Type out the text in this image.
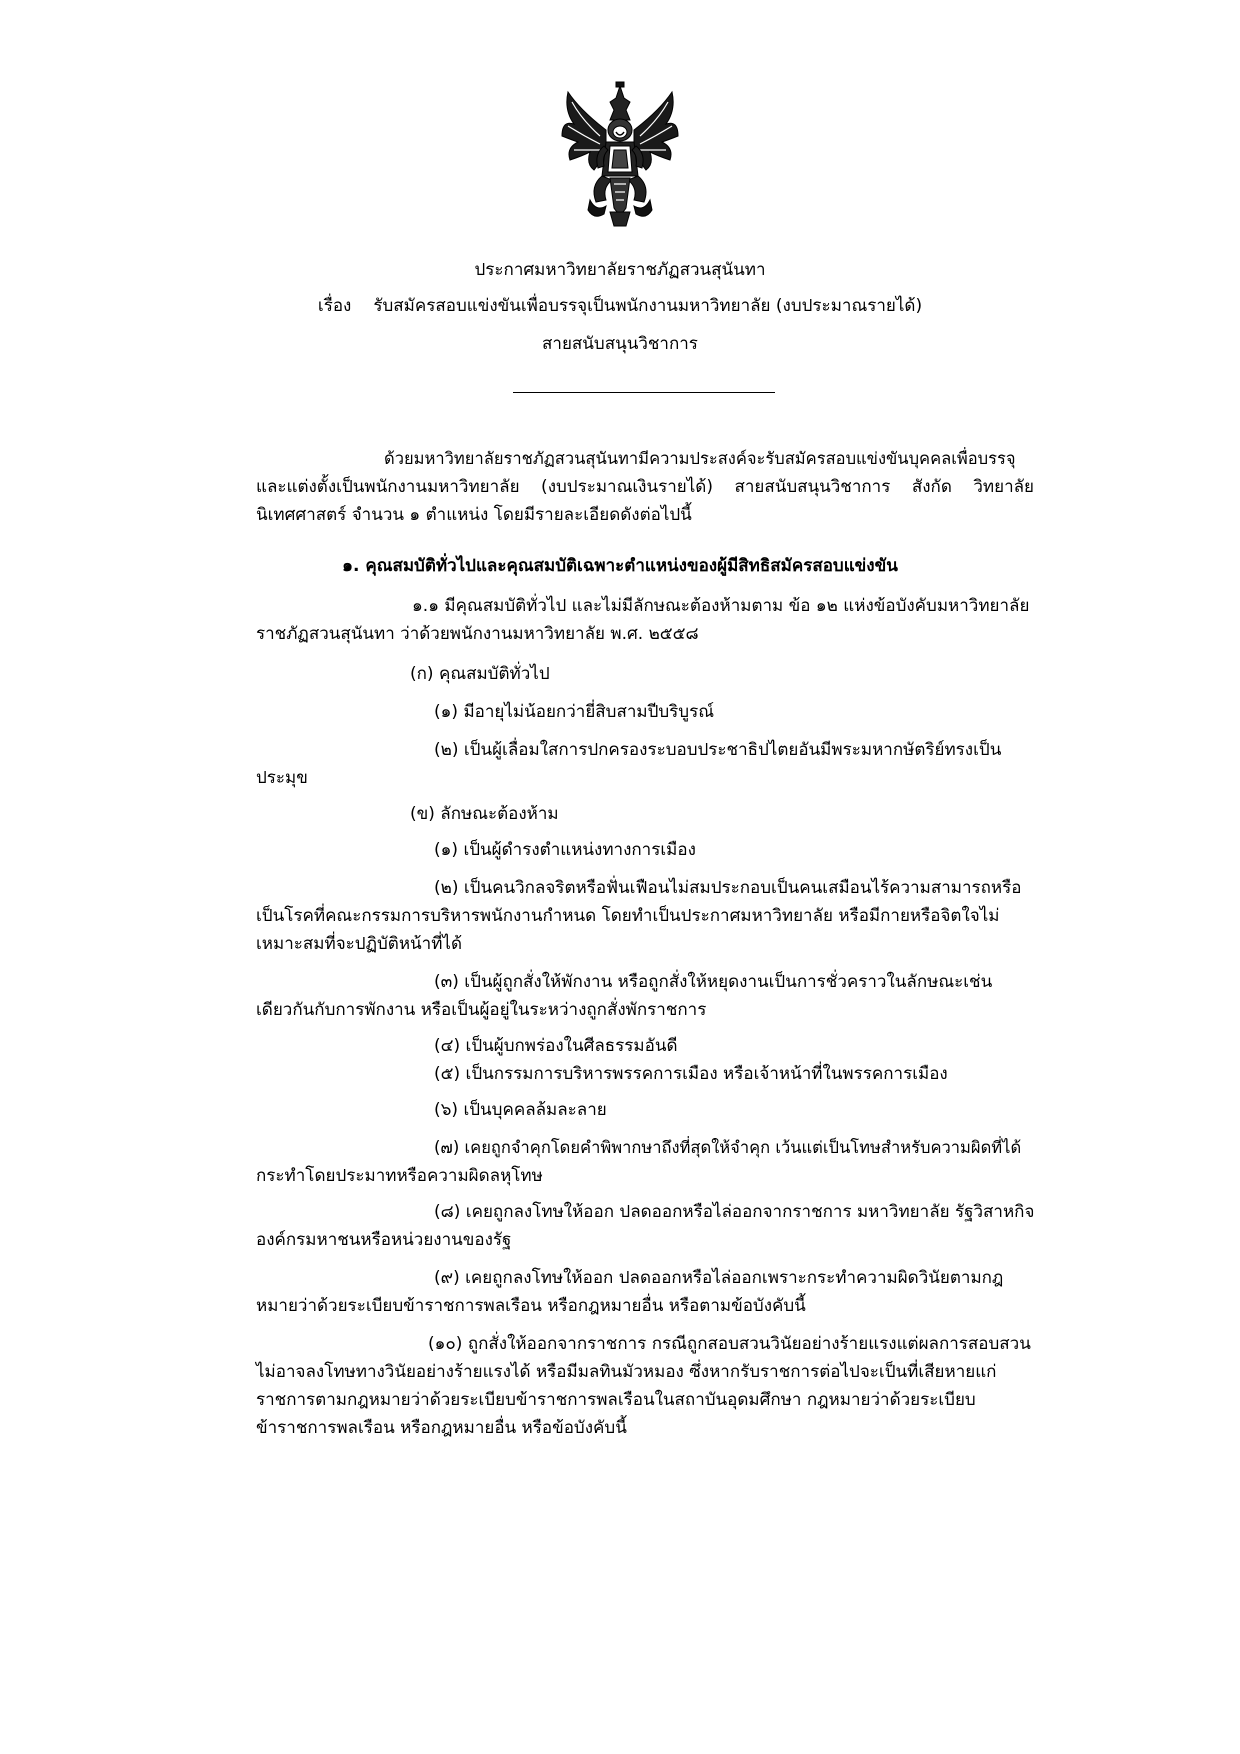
ประกาศมหาวิทยาลัยราชภัฏสวนสุนันทา
เรื่อง รับสมัครสอบแข่งขันเพื่อบรรจุเป็นพนักงานมหาวิทยาลัย (งบประมาณรายได้)
สายสนับสนุนวิชาการ
ด้วยมหาวิทยาลัยราชภัฏสวนสุนันทามีความประสงค์จะรับสมัครสอบแข่งขันบุคคลเพื่อบรรจุ
และแต่งตั้งเป็นพนักงานมหาวิทยาลัย (งบประมาณเงินรายได้) สายสนับสนุนวิชาการ สังกัด วิทยาลัย
นิเทศศาสตร์ จำนวน ๑ ตำแหน่ง โดยมีรายละเอียดดังต่อไปนี้
๑. คุณสมบัติทั่วไปและคุณสมบัติเฉพาะตำแหน่งของผู้มีสิทธิสมัครสอบแข่งขัน
๑.๑ มีคุณสมบัติทั่วไป และไม่มีลักษณะต้องห้ามตาม ข้อ ๑๒ แห่งข้อบังคับมหาวิทยาลัย
ราชภัฏสวนสุนันทา ว่าด้วยพนักงานมหาวิทยาลัย พ.ศ. ๒๕๕๘
(ก) คุณสมบัติทั่วไป
(๑) มีอายุไม่น้อยกว่ายี่สิบสามปีบริบูรณ์
(๒) เป็นผู้เลื่อมใสการปกครองระบอบประชาธิปไตยอันมีพระมหากษัตริย์ทรงเป็น
ประมุข
(ข) ลักษณะต้องห้าม
(๑) เป็นผู้ดำรงตำแหน่งทางการเมือง
(๒) เป็นคนวิกลจริตหรือฟั่นเฟือนไม่สมประกอบเป็นคนเสมือนไร้ความสามารถหรือ
เป็นโรคที่คณะกรรมการบริหารพนักงานกำหนด โดยทำเป็นประกาศมหาวิทยาลัย หรือมีกายหรือจิตใจไม่
เหมาะสมที่จะปฏิบัติหน้าที่ได้
(๓) เป็นผู้ถูกสั่งให้พักงาน หรือถูกสั่งให้หยุดงานเป็นการชั่วคราวในลักษณะเช่น
เดียวกันกับการพักงาน หรือเป็นผู้อยู่ในระหว่างถูกสั่งพักราชการ
(๔) เป็นผู้บกพร่องในศีลธรรมอันดี
(๕) เป็นกรรมการบริหารพรรคการเมือง หรือเจ้าหน้าที่ในพรรคการเมือง
(๖) เป็นบุคคลล้มละลาย
(๗) เคยถูกจำคุกโดยคำพิพากษาถึงที่สุดให้จำคุก เว้นแต่เป็นโทษสำหรับความผิดที่ได้
กระทำโดยประมาทหรือความผิดลหุโทษ
(๘) เคยถูกลงโทษให้ออก ปลดออกหรือไล่ออกจากราชการ มหาวิทยาลัย รัฐวิสาหกิจ
องค์กรมหาชนหรือหน่วยงานของรัฐ
(๙) เคยถูกลงโทษให้ออก ปลดออกหรือไล่ออกเพราะกระทำความผิดวินัยตามกฎ
หมายว่าด้วยระเบียบข้าราชการพลเรือน หรือกฎหมายอื่น หรือตามข้อบังคับนี้
(๑๐) ถูกสั่งให้ออกจากราชการ กรณีถูกสอบสวนวินัยอย่างร้ายแรงแต่ผลการสอบสวน
ไม่อาจลงโทษทางวินัยอย่างร้ายแรงได้ หรือมีมลทินมัวหมอง ซึ่งหากรับราชการต่อไปจะเป็นที่เสียหายแก่
ราชการตามกฎหมายว่าด้วยระเบียบข้าราชการพลเรือนในสถาบันอุดมศึกษา กฎหมายว่าด้วยระเบียบ
ข้าราชการพลเรือน หรือกฎหมายอื่น หรือข้อบังคับนี้
